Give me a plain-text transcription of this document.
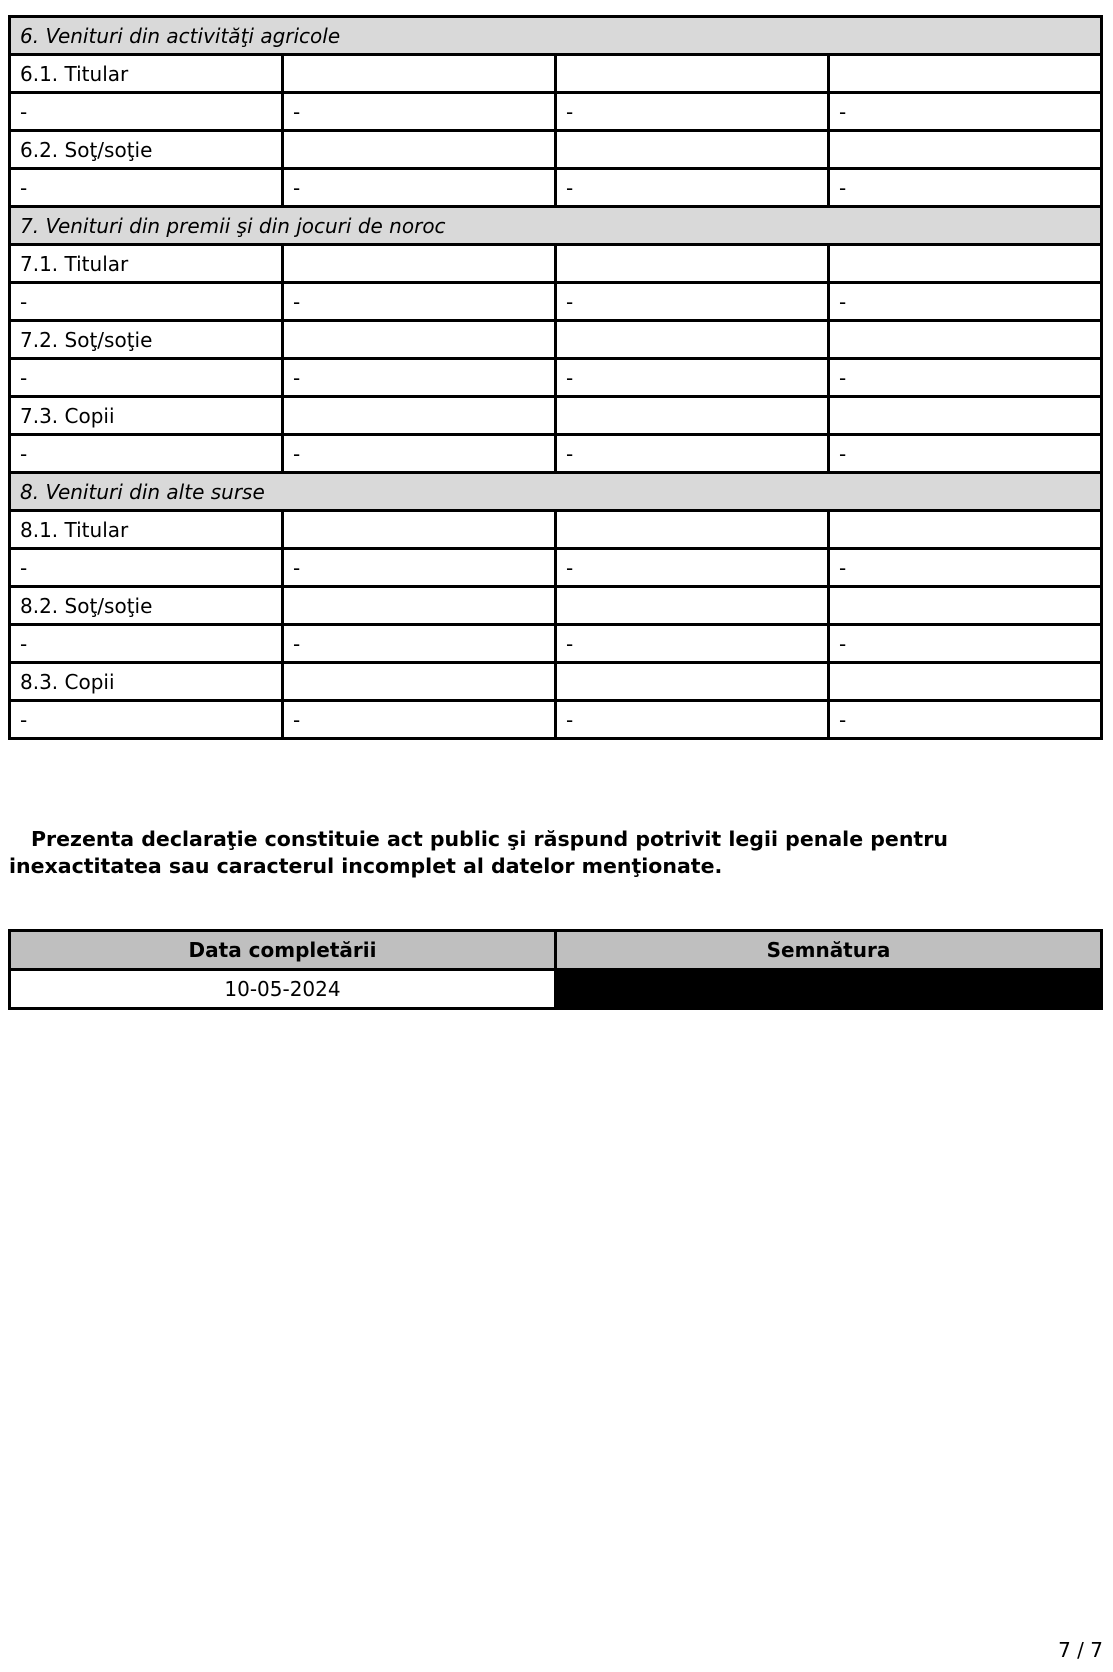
6. Venituri din activităţi agricole			
6.1. Titular			
-	-	-	-
6.2. Soţ/soţie			
-	-	-	-
7. Venituri din premii şi din jocuri de noroc			
7.1. Titular			
-	-	-	-
7.2. Soţ/soţie			
-	-	-	-
7.3. Copii			
-	-	-	-
8. Venituri din alte surse			
8.1. Titular			
-	-	-	-
8.2. Soţ/soţie			
-	-	-	-
8.3. Copii			
-	-	-	-

Prezenta declaraţie constituie act public şi răspund potrivit legii penale pentru inexactitatea sau caracterul incomplet al datelor menţionate.

Data completării	Semnătura
10-05-2024	
7 / 7
